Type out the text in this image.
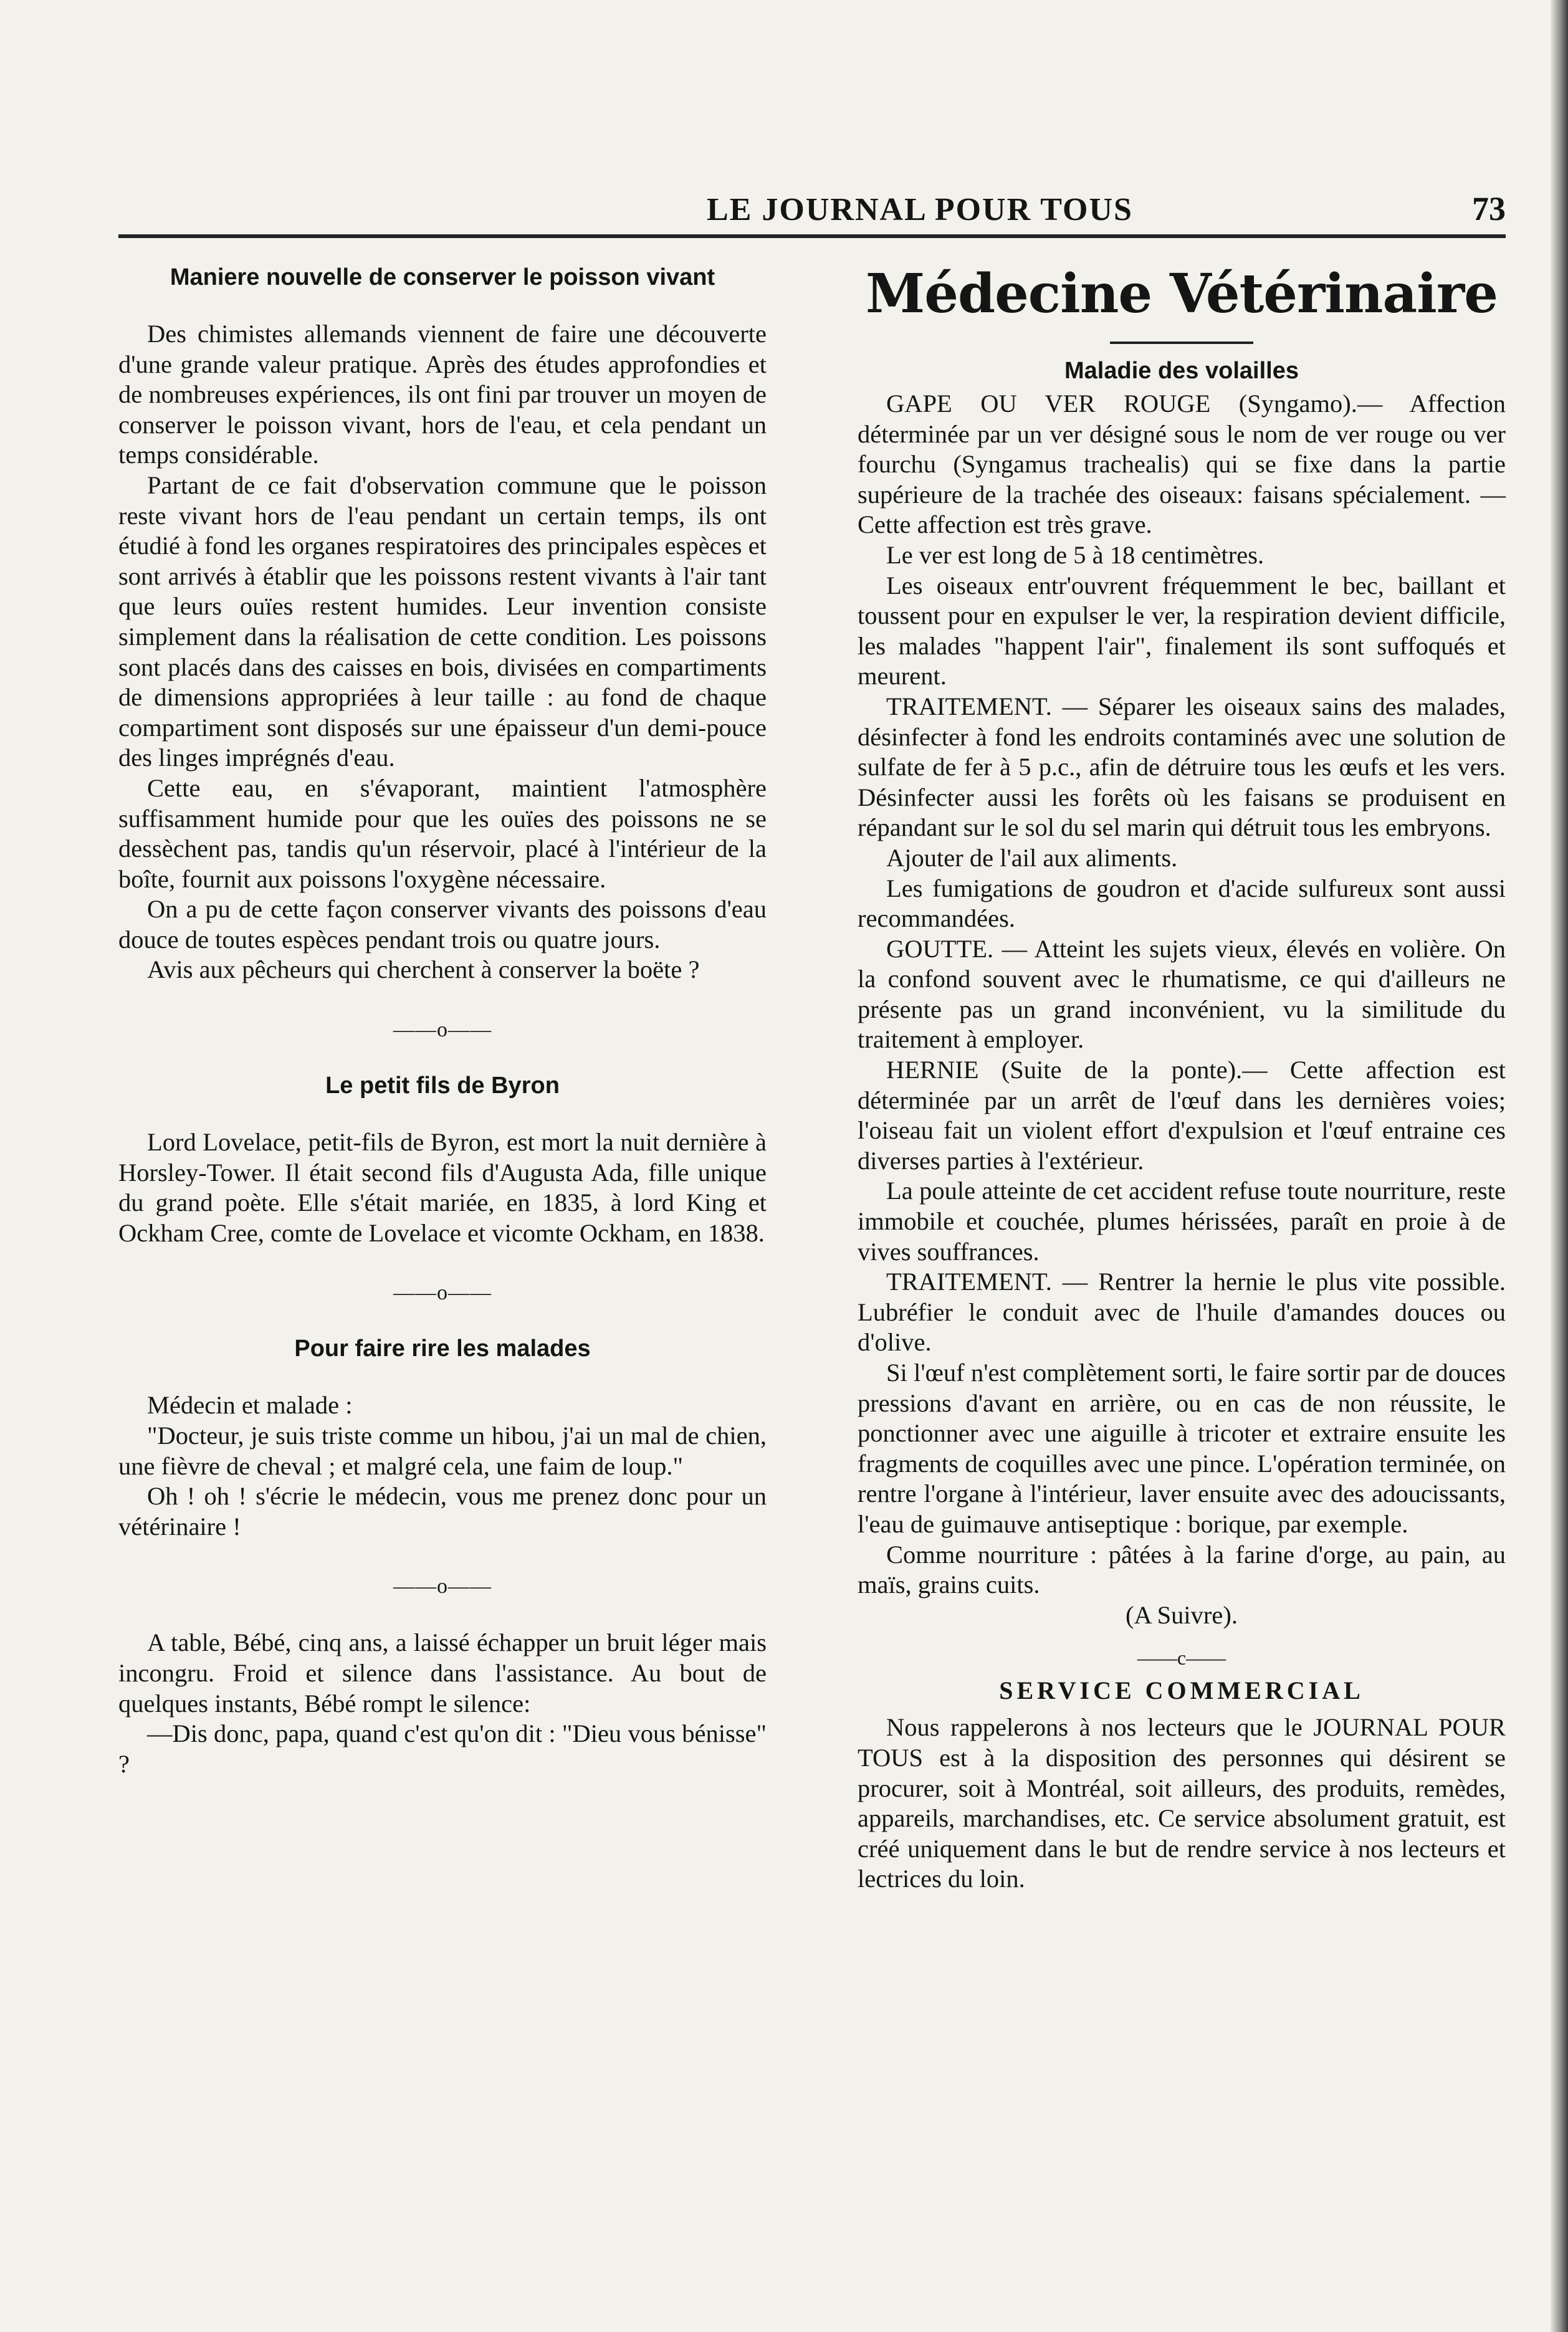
LE JOURNAL POUR TOUS	73
Maniere nouvelle de conserver le poisson vivant

Des chimistes allemands viennent de faire une découverte d'une grande valeur pratique. Après des études approfondies et de nombreuses expériences, ils ont fini par trouver un moyen de conserver le poisson vivant, hors de l'eau, et cela pendant un temps considérable.

Partant de ce fait d'observation commune que le poisson reste vivant hors de l'eau pendant un certain temps, ils ont étudié à fond les organes respiratoires des principales espèces et sont arrivés à établir que les poissons restent vivants à l'air tant que leurs ouïes restent humides. Leur invention consiste simplement dans la réalisation de cette condition. Les poissons sont placés dans des caisses en bois, divisées en compartiments de dimensions appropriées à leur taille : au fond de chaque compartiment sont disposés sur une épaisseur d'un demi-pouce des linges imprégnés d'eau.

Cette eau, en s'évaporant, maintient l'atmosphère suffisamment humide pour que les ouïes des poissons ne se dessèchent pas, tandis qu'un réservoir, placé à l'intérieur de la boîte, fournit aux poissons l'oxygène nécessaire.

On a pu de cette façon conserver vivants des poissons d'eau douce de toutes espèces pendant trois ou quatre jours.

Avis aux pêcheurs qui cherchent à conserver la boëte ?

——o——
Le petit fils de Byron

Lord Lovelace, petit-fils de Byron, est mort la nuit dernière à Horsley-Tower. Il était second fils d'Augusta Ada, fille unique du grand poète. Elle s'était mariée, en 1835, à lord King et Ockham Cree, comte de Lovelace et vicomte Ockham, en 1838.

——o——
Pour faire rire les malades

Médecin et malade :

"Docteur, je suis triste comme un hibou, j'ai un mal de chien, une fièvre de cheval ; et malgré cela, une faim de loup."

Oh ! oh ! s'écrie le médecin, vous me prenez donc pour un vétérinaire !

——o——

A table, Bébé, cinq ans, a laissé échapper un bruit léger mais incongru. Froid et silence dans l'assistance. Au bout de quelques instants, Bébé rompt le silence:

—Dis donc, papa, quand c'est qu'on dit : "Dieu vous bénisse" ?

Médecine Vétérinaire
Maladie des volailles

GAPE OU VER ROUGE (Syngamo).— Affection déterminée par un ver désigné sous le nom de ver rouge ou ver fourchu (Syngamus trachealis) qui se fixe dans la partie supérieure de la trachée des oiseaux: faisans spécialement. — Cette affection est très grave.

Le ver est long de 5 à 18 centimètres.

Les oiseaux entr'ouvrent fréquemment le bec, baillant et toussent pour en expulser le ver, la respiration devient difficile, les malades "happent l'air", finalement ils sont suffoqués et meurent.

TRAITEMENT. — Séparer les oiseaux sains des malades, désinfecter à fond les endroits contaminés avec une solution de sulfate de fer à 5 p.c., afin de détruire tous les œufs et les vers. Désinfecter aussi les forêts où les faisans se produisent en répandant sur le sol du sel marin qui détruit tous les embryons.

Ajouter de l'ail aux aliments.

Les fumigations de goudron et d'acide sulfureux sont aussi recommandées.

GOUTTE. — Atteint les sujets vieux, élevés en volière. On la confond souvent avec le rhumatisme, ce qui d'ailleurs ne présente pas un grand inconvénient, vu la similitude du traitement à employer.

HERNIE (Suite de la ponte).— Cette affection est déterminée par un arrêt de l'œuf dans les dernières voies; l'oiseau fait un violent effort d'expulsion et l'œuf entraine ces diverses parties à l'extérieur.

La poule atteinte de cet accident refuse toute nourriture, reste immobile et couchée, plumes hérissées, paraît en proie à de vives souffrances.

TRAITEMENT. — Rentrer la hernie le plus vite possible. Lubréfier le conduit avec de l'huile d'amandes douces ou d'olive.

Si l'œuf n'est complètement sorti, le faire sortir par de douces pressions d'avant en arrière, ou en cas de non réussite, le ponctionner avec une aiguille à tricoter et extraire ensuite les fragments de coquilles avec une pince. L'opération terminée, on rentre l'organe à l'intérieur, laver ensuite avec des adoucissants, l'eau de guimauve antiseptique : borique, par exemple.

Comme nourriture : pâtées à la farine d'orge, au pain, au maïs, grains cuits.

(A Suivre).

——c——
SERVICE COMMERCIAL

Nous rappelerons à nos lecteurs que le JOURNAL POUR TOUS est à la disposition des personnes qui désirent se procurer, soit à Montréal, soit ailleurs, des produits, remèdes, appareils, marchandises, etc. Ce service absolument gratuit, est créé uniquement dans le but de rendre service à nos lecteurs et lectrices du loin.
